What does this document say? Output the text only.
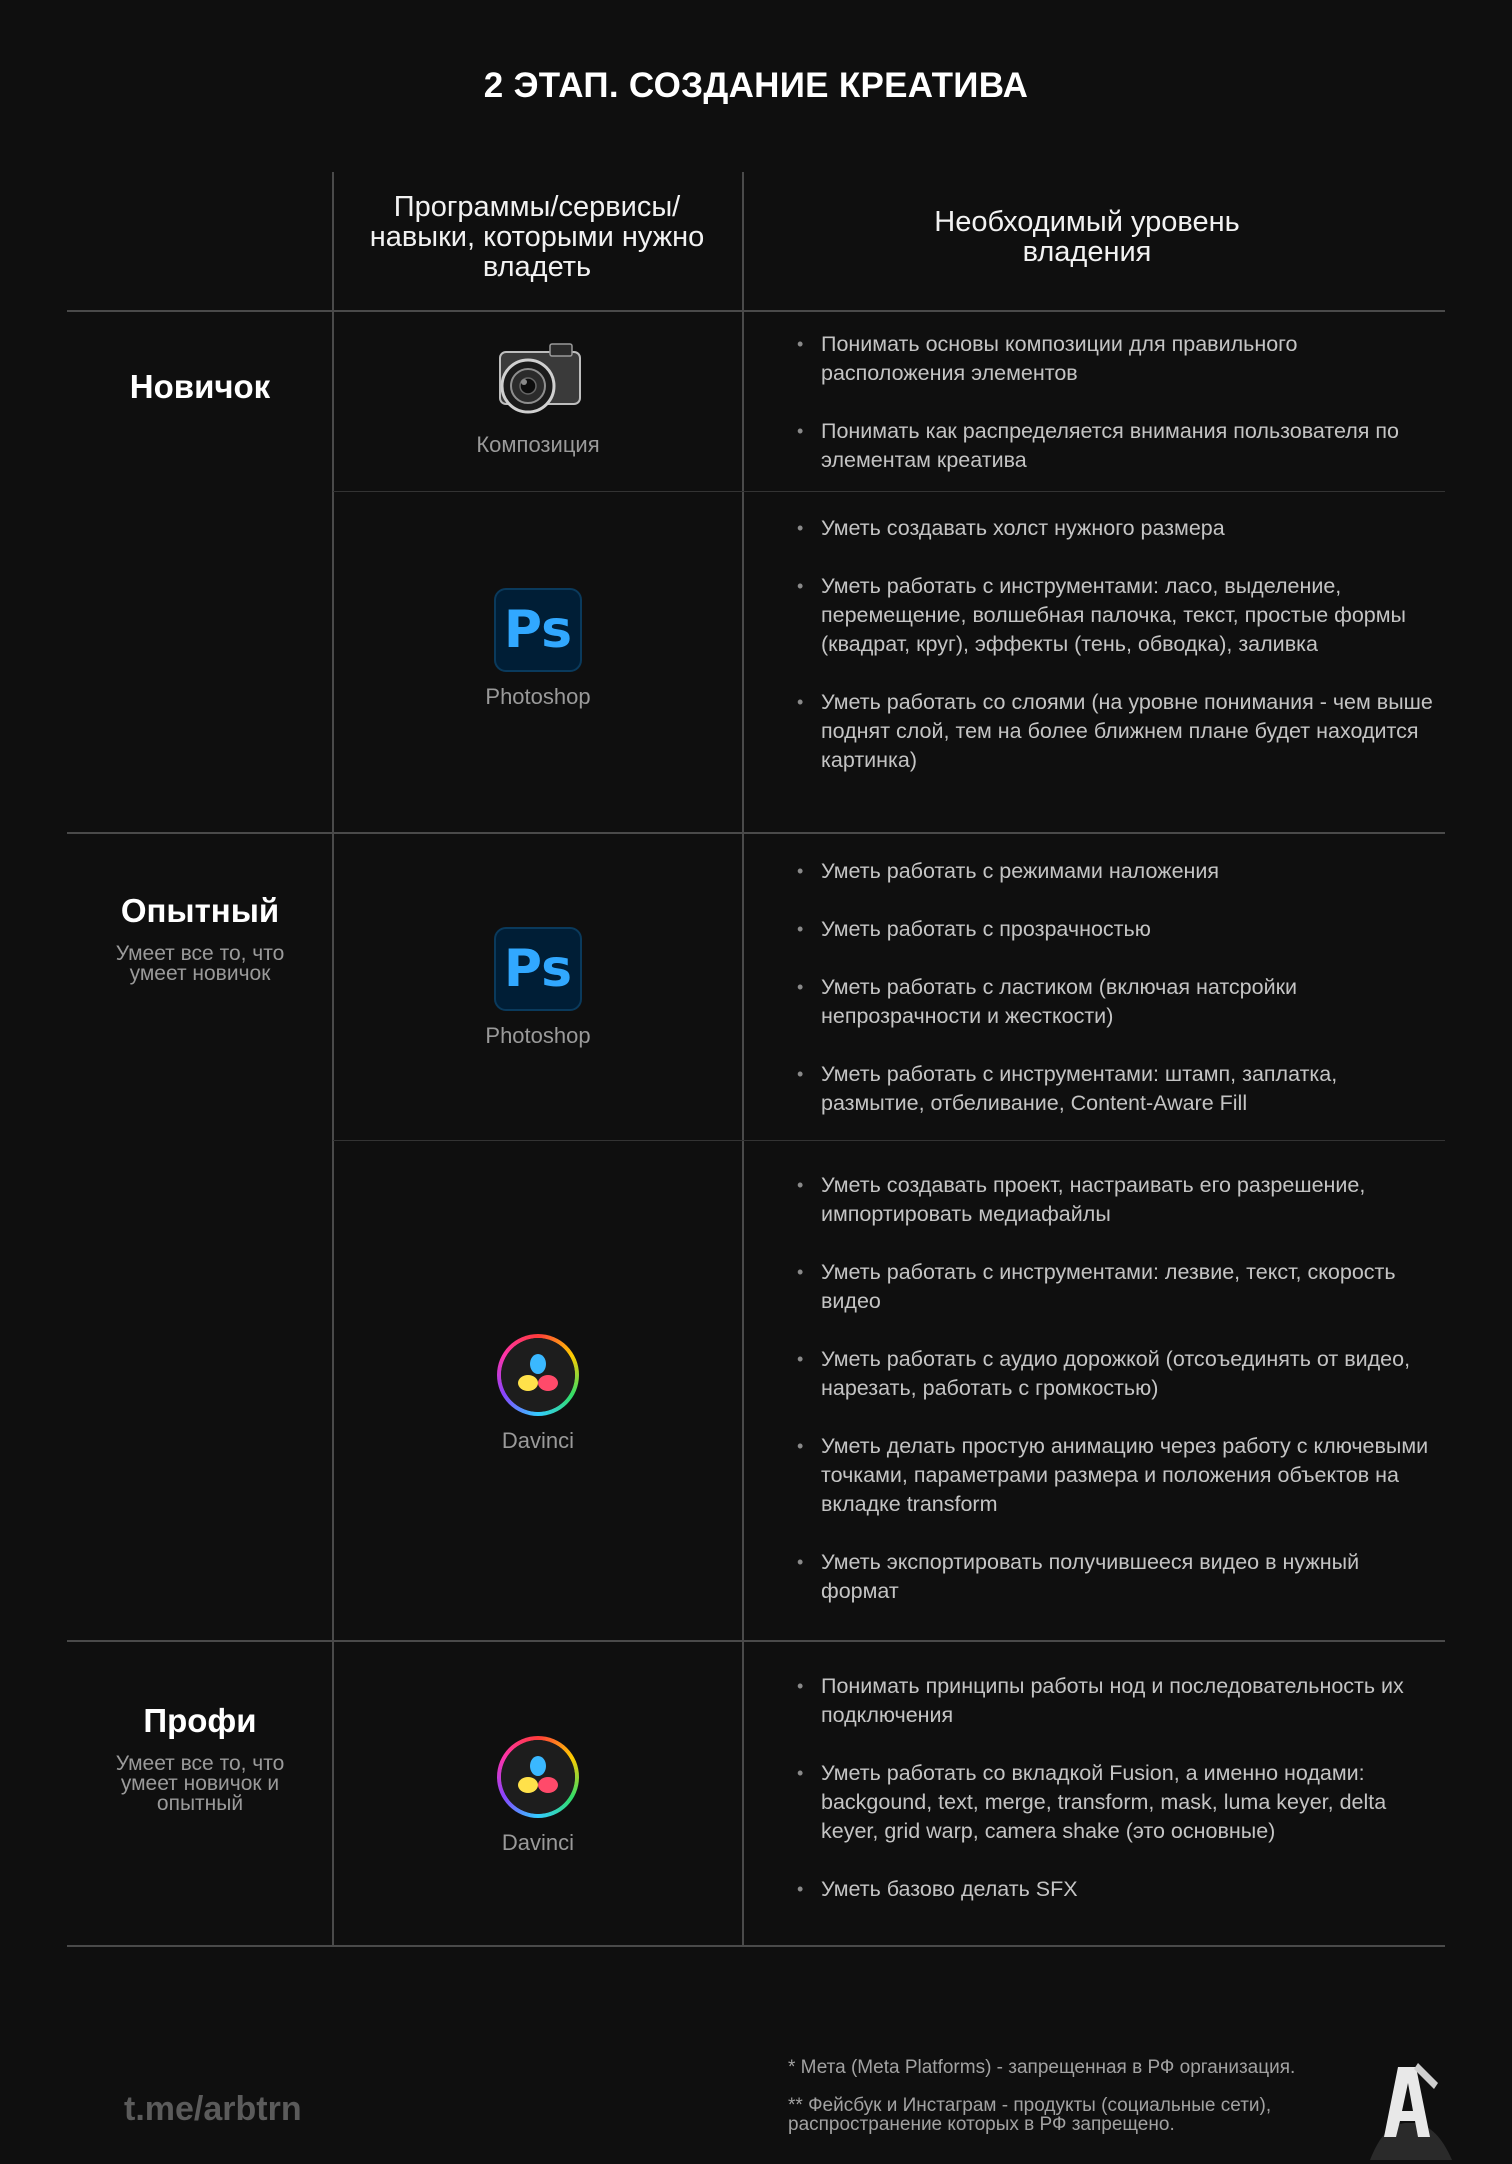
2 ЭТАП. СОЗДАНИЕ КРЕАТИВА
Программы/сервисы/ навыки, которыми нужно владеть
Необходимый уровень владения
Новичок
Опытный
Умеет все то, что умеет новичок
Профи
Умеет все то, что умеет новичок и опытный
Композиция
Ps
Photoshop
Ps
Photoshop
Davinci
Davinci
• Понимать основы композиции для правильного расположения элементов
• Понимать как распределяется внимания пользователя по элементам креатива
• Уметь создавать холст нужного размера
• Уметь работать с инструментами: ласо, выделение, перемещение, волшебная палочка, текст, простые формы (квадрат, круг), эффекты (тень, обводка), заливка
• Уметь работать со слоями (на уровне понимания - чем выше поднят слой, тем на более ближнем плане будет находится картинка)
• Уметь работать с режимами наложения
• Уметь работать с прозрачностью
• Уметь работать с ластиком (включая натсройки непрозрачности и жесткости)
• Уметь работать с инструментами: штамп, заплатка, размытие, отбеливание, Content-Aware Fill
• Уметь создавать проект, настраивать его разрешение, импортировать медиафайлы
• Уметь работать с инструментами: лезвие, текст, скорость видео
• Уметь работать с аудио дорожкой (отсоъединять от видео, нарезать, работать с громкостью)
• Уметь делать простую анимацию через работу с ключевыми точками, параметрами размера и положения объектов на вкладке transform
• Уметь экспортировать получившееся видео в нужный формат
• Понимать принципы работы нод и последовательность их подключения
• Уметь работать со вкладкой Fusion, а именно нодами: backgound, text, merge, transform, mask, luma keyer, delta keyer, grid warp, camera shake (это основные)
• Уметь базово делать SFX
t.me/arbtrn
* Мета (Meta Platforms) - запрещенная в РФ организация.
** Фейсбук и Инстаграм - продукты (социальные сети), распространение которых в РФ запрещено.
